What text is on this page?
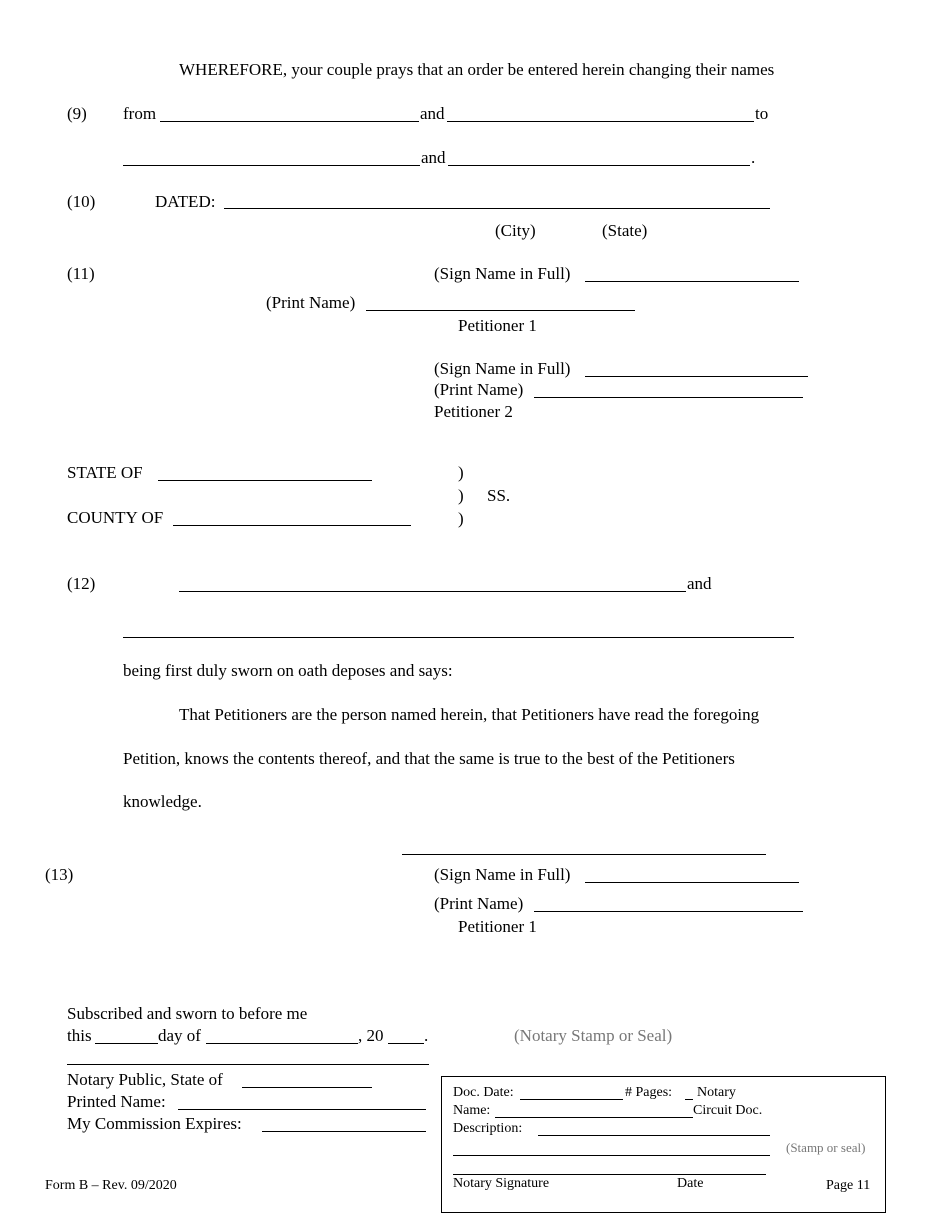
WHEREFORE, your couple prays that an order be entered herein changing their names
(9) from	and	to
and	.
(10)	DATED:
(City)	(State)
(11)	(Sign Name in Full)
(Print Name)
Petitioner 1
(Sign Name in Full)
(Print Name)
Petitioner 2
STATE OF	)
) SS.
COUNTY OF	)
(12)	and
being first duly sworn on oath deposes and says:
That Petitioners are the person named herein, that Petitioners have read the foregoing
Petition, knows the contents thereof, and that the same is true to the best of the Petitioners
knowledge.
(13)	(Sign Name in Full)
(Print Name)
Petitioner 1
Subscribed and sworn to before me
this	day of	, 20 .	(Notary Stamp or Seal)
Notary Public, State of
Printed Name:
My Commission Expires:
Doc. Date:	# Pages: Notary
Name:	Circuit Doc.
Description:
(Stamp or seal)
Notary Signature	Date
Form B – Rev. 09/2020	Page 11
